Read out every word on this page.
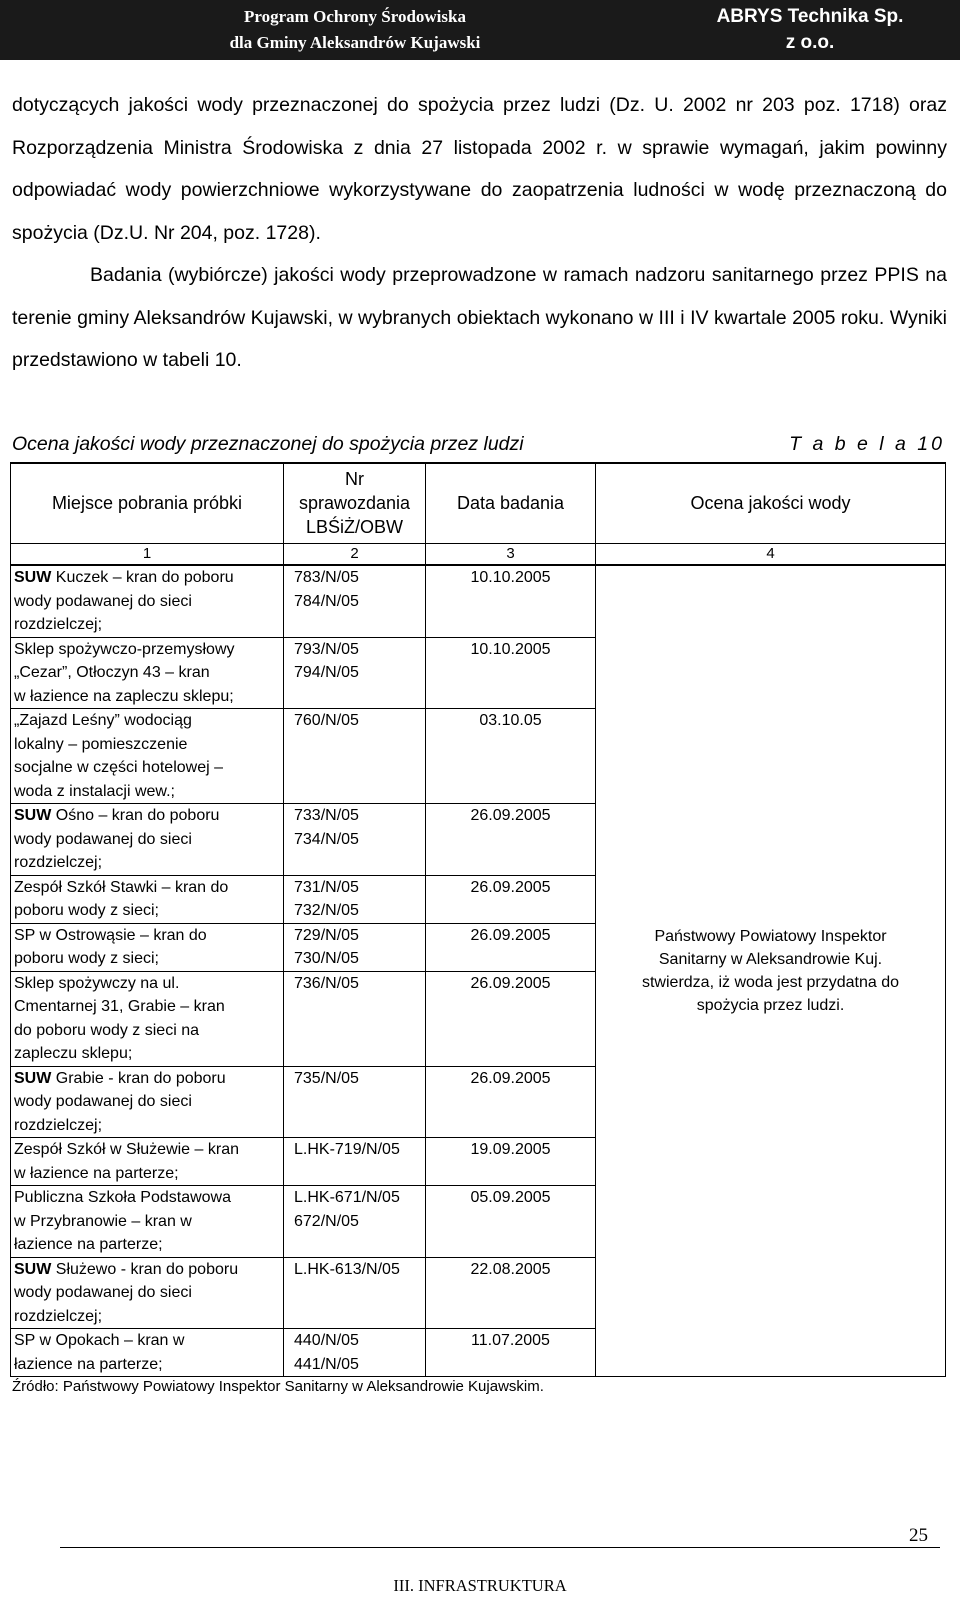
Program Ochrony Środowiska
dla Gminy Aleksandrów Kujawski
ABRYS Technika Sp.
z o.o.
dotyczących jakości wody przeznaczonej do spożycia przez ludzi (Dz. U. 2002 nr 203 poz. 1718) oraz Rozporządzenia Ministra Środowiska z dnia 27 listopada 2002 r. w sprawie wymagań, jakim powinny odpowiadać wody powierzchniowe wykorzystywane do zaopatrzenia ludności w wodę przeznaczoną do spożycia (Dz.U. Nr 204, poz. 1728).
Badania (wybiórcze) jakości wody przeprowadzone w ramach nadzoru sanitarnego przez PPIS na terenie gminy Aleksandrów Kujawski, w wybranych obiektach wykonano w III i IV kwartale 2005 roku. Wyniki przedstawiono w tabeli 10.
Ocena jakości wody przeznaczonej do spożycia przez ludzi	T a b e l a 10
Miejsce pobrania próbki	Nr
sprawozdania
LBŚiŻ/OBW	Data badania	Ocena jakości wody
1	2	3	4

SUW Kuczek – kran do poboru
wody podawanej do sieci
rozdzielczej;	783/N/05
784/N/05	10.10.2005	Państwowy Powiatowy Inspektor
Sanitarny w Aleksandrowie Kuj.
stwierdza, iż woda jest przydatna do
spożycia przez ludzi.

Sklep spożywczo-przemysłowy
„Cezar”, Otłoczyn 43 – kran
w łazience na zapleczu sklepu;	793/N/05
794/N/05	10.10.2005	

„Zajazd Leśny” wodociąg
lokalny – pomieszczenie
socjalne w części hotelowej –
woda z instalacji wew.;	760/N/05	03.10.05	

SUW Ośno – kran do poboru
wody podawanej do sieci
rozdzielczej;	733/N/05
734/N/05	26.09.2005	

Zespół Szkół Stawki – kran do
poboru wody z sieci;	731/N/05
732/N/05	26.09.2005	

SP w Ostrowąsie – kran do
poboru wody z sieci;	729/N/05
730/N/05	26.09.2005	

Sklep spożywczy na ul.
Cmentarnej 31, Grabie – kran
do poboru wody z sieci na
zapleczu sklepu;	736/N/05	26.09.2005	

SUW Grabie - kran do poboru
wody podawanej do sieci
rozdzielczej;	735/N/05	26.09.2005	

Zespół Szkół w Służewie – kran
w łazience na parterze;	L.HK-719/N/05	19.09.2005	

Publiczna Szkoła Podstawowa
w Przybranowie – kran w
łazience na parterze;	L.HK-671/N/05
672/N/05	05.09.2005	

SUW Służewo - kran do poboru
wody podawanej do sieci
rozdzielczej;	L.HK-613/N/05	22.08.2005	

SP w Opokach – kran w
łazience na parterze;	440/N/05
441/N/05	11.07.2005	
Źródło: Państwowy Powiatowy Inspektor Sanitarny w Aleksandrowie Kujawskim.
25
III. INFRASTRUKTURA
